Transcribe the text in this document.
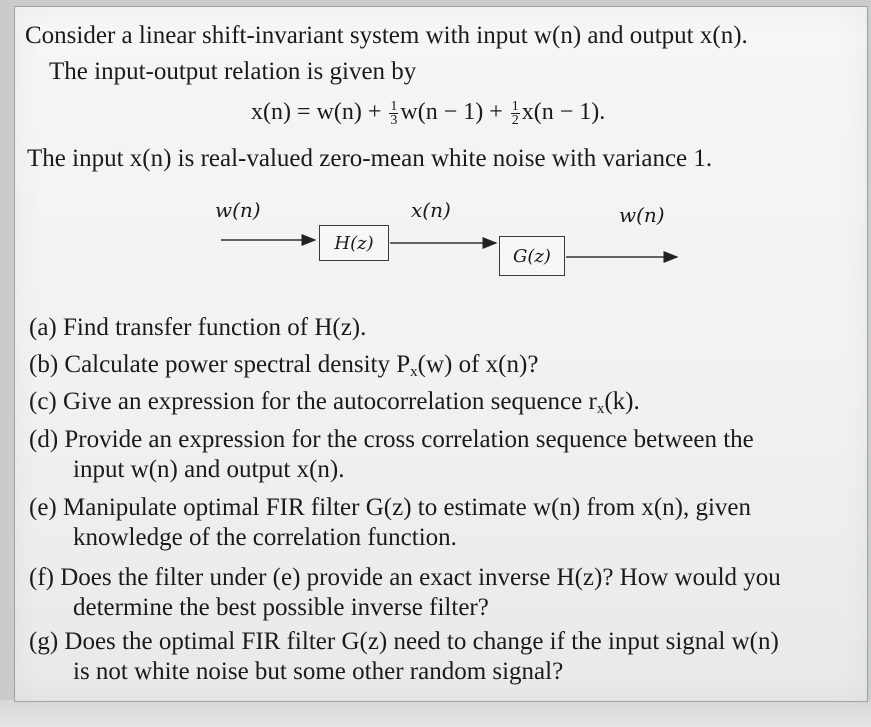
Consider a linear shift-invariant system with input w(n) and output x(n).
The input-output relation is given by
$x(n) = w(n) + \frac{1}{3} w(n - 1) + \frac{1}{2} x(n - 1)$.
The input x(n) is real-valued zero-mean white noise with variance 1.
w(n)	x(n)	w(n)
H(z)
G(z)
(a) Find transfer function of H(z).
(b) Calculate power spectral density $P_x(w)$ of x(n)?
(c) Give an expression for the autocorrelation sequence $r_x(k)$.
(d) Provide an expression for the cross correlation sequence between the
input w(n) and output x(n).
(e) Manipulate optimal FIR filter G(z) to estimate w(n) from x(n), given
knowledge of the correlation function.
(f) Does the filter under (e) provide an exact inverse H(z)? How would you
determine the best possible inverse filter?
(g) Does the optimal FIR filter G(z) need to change if the input signal w(n)
is not white noise but some other random signal?
